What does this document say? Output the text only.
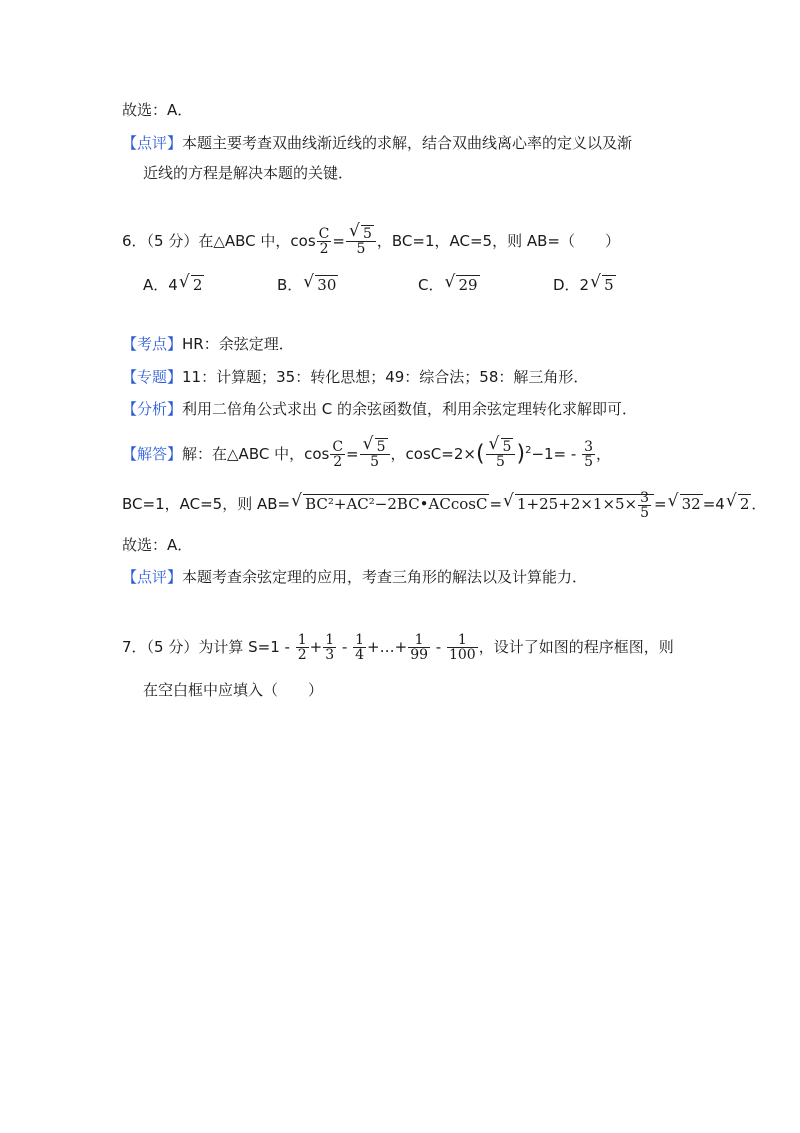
故选：A．
【点评】本题主要考查双曲线渐近线的求解，结合双曲线离心率的定义以及渐
近线的方程是解决本题的关键．
6．（5 分）在△ABC 中，$\cos \frac{C}{2} = \frac{√ 5}{5}$ ，BC=1，AC=5，则 AB=（　　）
A．4 √ 2	B． √ 30	C． √ 29	D．2 √ 5
【考点】HR：余弦定理．
【专题】11：计算题；35：转化思想；49：综合法；58：解三角形．
【分析】利用二倍角公式求出 C 的余弦函数值，利用余弦定理转化求解即可．
【解答】解：在△ABC 中，$\cos \frac{C}{2} = \frac{√ 5}{5}$ ，$\cos C=2\times( \frac{√ 5}{5} )^2-1= - \frac{3}{5}$ ，
BC=1，AC=5，则 AB= √ BC²+AC²−2BC•ACcosC = √ $1+25+2\times 1\times 5\times \frac{3}{5}$ = √ 32 =4 √ 2 ．
故选：A．
【点评】本题考查余弦定理的应用，考查三角形的解法以及计算能力．
7．（5 分）为计算 $S=1 - \frac{1}{2} + \frac{1}{3} - \frac{1}{4}$ +…+ $\frac{1}{99} - \frac{1}{100}$ ，设计了如图的程序框图，则
在空白框中应填入（　　）
